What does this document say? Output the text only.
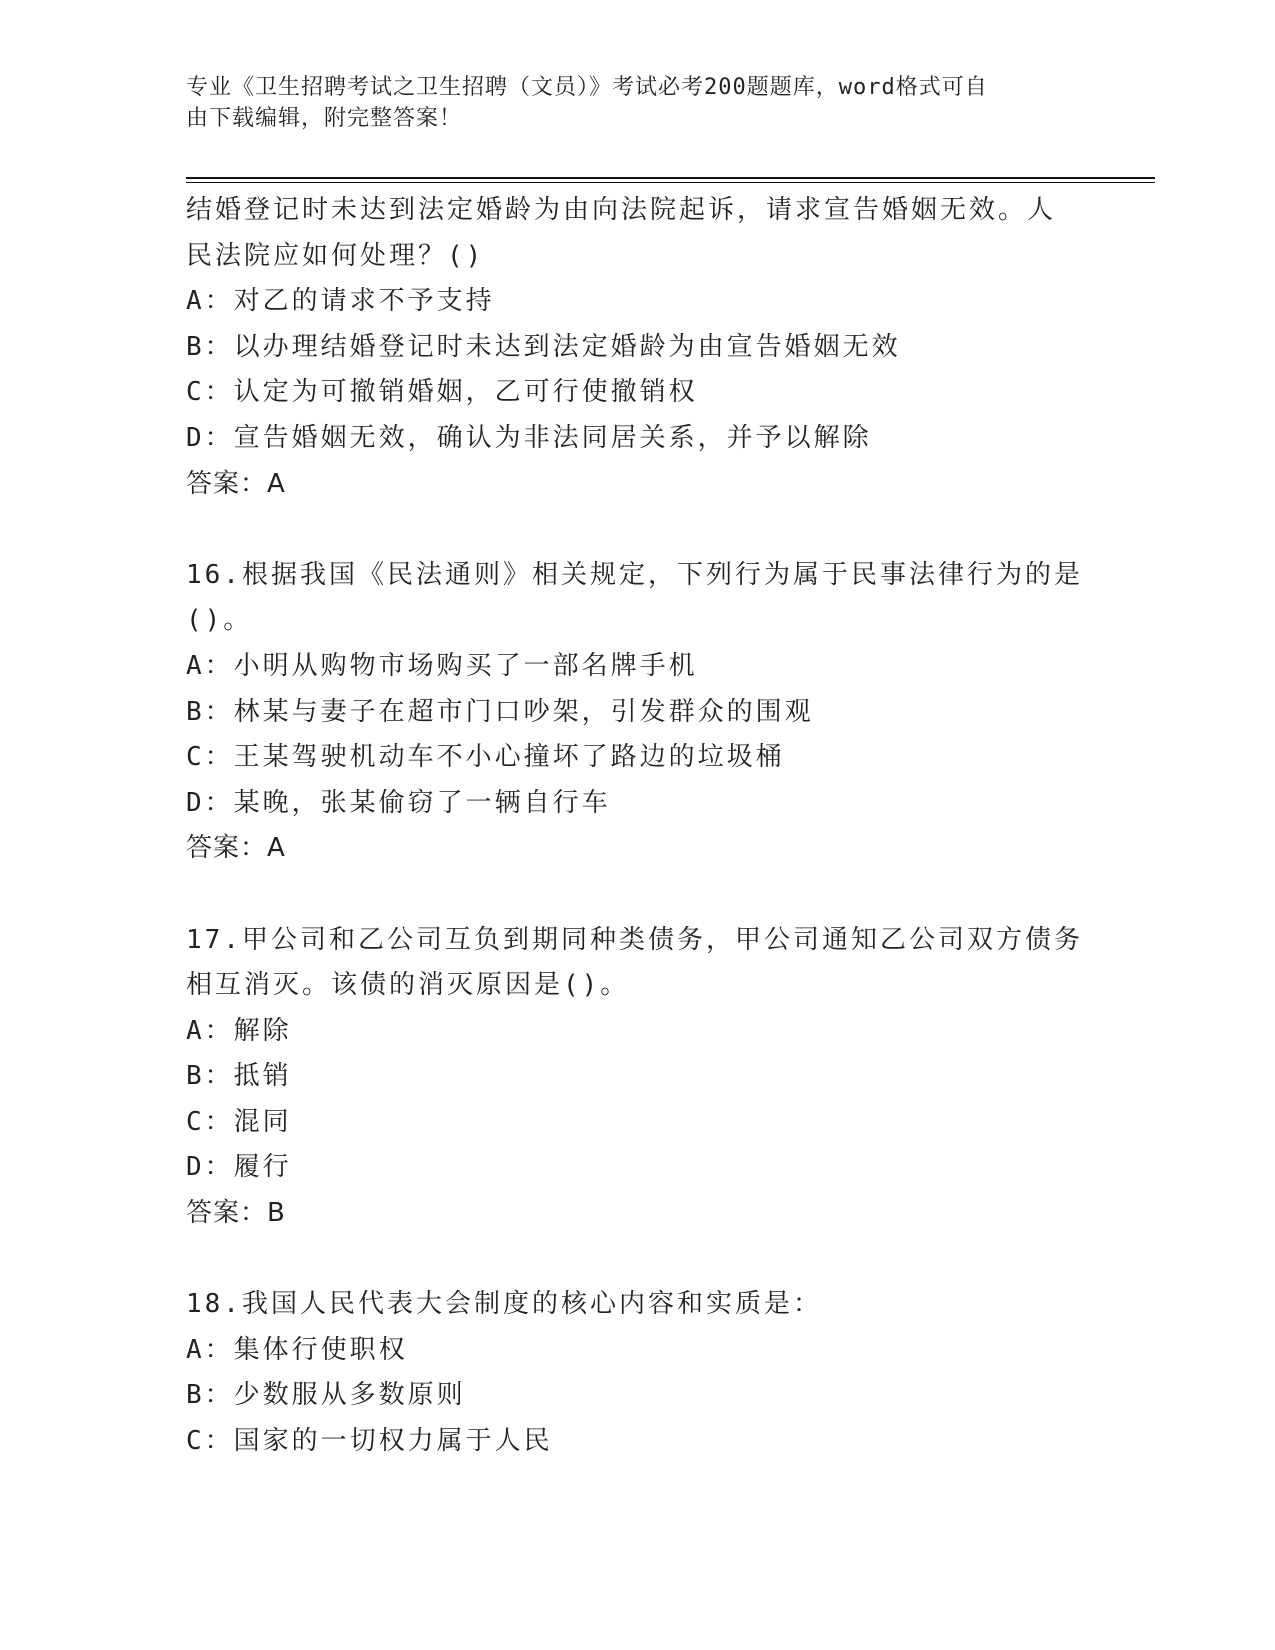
专业《卫生招聘考试之卫生招聘（文员）》考试必考200题题库，word格式可自
由下载编辑，附完整答案！
结婚登记时未达到法定婚龄为由向法院起诉，请求宣告婚姻无效。人
民法院应如何处理？()
A：对乙的请求不予支持
B：以办理结婚登记时未达到法定婚龄为由宣告婚姻无效
C：认定为可撤销婚姻，乙可行使撤销权
D：宣告婚姻无效，确认为非法同居关系，并予以解除
答案：A
16.根据我国《民法通则》相关规定，下列行为属于民事法律行为的是
()。
A：小明从购物市场购买了一部名牌手机
B：林某与妻子在超市门口吵架，引发群众的围观
C：王某驾驶机动车不小心撞坏了路边的垃圾桶
D：某晚，张某偷窃了一辆自行车
答案：A
17.甲公司和乙公司互负到期同种类债务，甲公司通知乙公司双方债务
相互消灭。该债的消灭原因是()。
A：解除
B：抵销
C：混同
D：履行
答案：B
18.我国人民代表大会制度的核心内容和实质是：
A：集体行使职权
B：少数服从多数原则
C：国家的一切权力属于人民
